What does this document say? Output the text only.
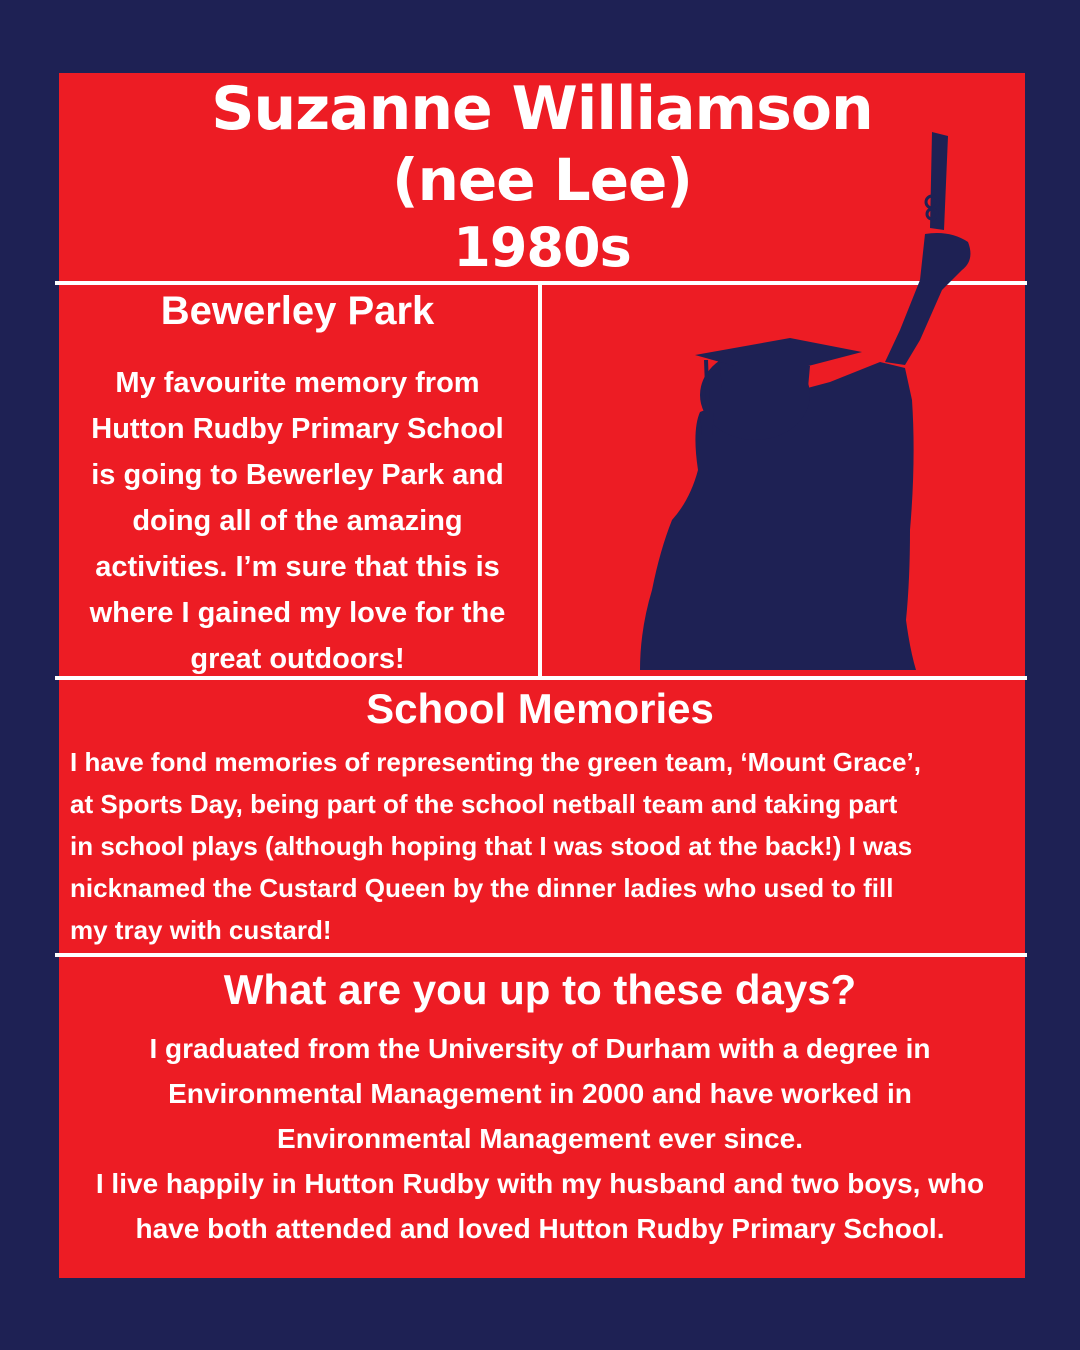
Suzanne Williamson
(nee Lee)
1980s
Bewerley Park
My favourite memory from
Hutton Rudby Primary School
is going to Bewerley Park and
doing all of the amazing
activities. I’m sure that this is
where I gained my love for the
great outdoors!
School Memories
I have fond memories of representing the green team, ‘Mount Grace’,
at Sports Day, being part of the school netball team and taking part
in school plays (although hoping that I was stood at the back!) I was
nicknamed the Custard Queen by the dinner ladies who used to fill
my tray with custard!
What are you up to these days?
I graduated from the University of Durham with a degree in
Environmental Management in 2000 and have worked in
Environmental Management ever since.
I live happily in Hutton Rudby with my husband and two boys, who
have both attended and loved Hutton Rudby Primary School.
